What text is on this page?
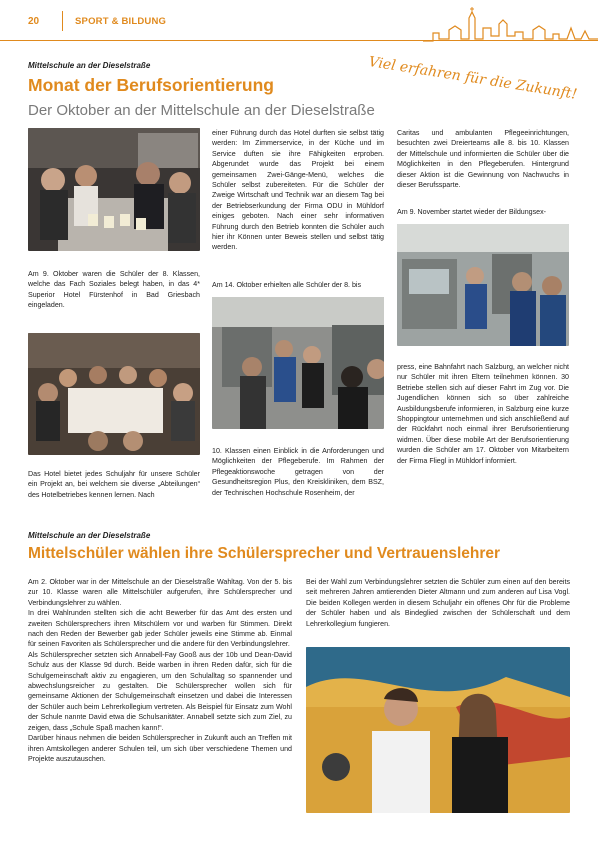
20	SPORT & BILDUNG
Mittelschule an der Dieselstraße
Monat der Berufsorientierung
Der Oktober an der Mittelschule an der Dieselstraße
Viel erfahren für die Zukunft!
Am 9. Oktober waren die Schüler der 8. Klassen, welche das Fach Soziales belegt haben, in das 4* Superior Hotel Fürstenhof in Bad Griesbach eingeladen.
Das Hotel bietet jedes Schuljahr für unsere Schüler ein Projekt an, bei welchem sie diverse „Abteilungen“ des Hotelbetriebes kennen lernen. Nach
einer Führung durch das Hotel durften sie selbst tätig werden: Im Zimmerservice, in der Küche und im Service duften sie ihre Fähigkeiten erproben. Abgerundet wurde das Projekt bei einem gemeinsamen Zwei-Gänge-Menü, welches die Schüler selbst zubereiteten. Für die Schüler der Zweige Wirtschaft und Technik war an diesem Tag bei der Betriebserkundung der Firma ODU in Mühldorf einiges geboten. Nach einer sehr informativen Führung durch den Betrieb konnten die Schüler auch hier ihr Können unter Beweis stellen und selbst tätig werden.
Am 14. Oktober erhielten alle Schüler der 8. bis
10. Klassen einen Einblick in die Anforderungen und Möglichkeiten der Pflegeberufe. Im Rahmen der Pflegeaktionswoche getragen von der Gesundheitsregion Plus, den Kreiskliniken, dem BSZ, der Technischen Hochschule Rosenheim, der
Caritas und ambulanten Pflegeeinrichtungen, besuchten zwei Dreierteams alle 8. bis 10. Klassen der Mittelschule und informierten die Schüler über die Möglichkeiten in den Pflegeberufen. Hintergrund dieser Aktion ist die Gewinnung von Nachwuchs in dieser Berufssparte.
Am 9. November startet wieder der Bildungsex-
press, eine Bahnfahrt nach Salzburg, an welcher nicht nur Schüler mit ihren Eltern teilnehmen können. 30 Betriebe stellen sich auf dieser Fahrt im Zug vor. Die Jugendlichen können sich so über zahlreiche Ausbildungsberufe informieren, in Salzburg eine kurze Shoppingtour unternehmen und sich anschließend auf der Rückfahrt noch einmal ihrer Berufsorientierung widmen. Über diese mobile Art der Berufsorientierung wurden die Schüler am 17. Oktober von Mitarbeitern der Firma Fliegl in Mühldorf informiert.
Mittelschule an der Dieselstraße
Mittelschüler wählen ihre Schülersprecher und Vertrauenslehrer

Am 2. Oktober war in der Mittelschule an der Dieselstraße Wahltag. Von der 5. bis zur 10. Klasse waren alle Mittelschüler aufgerufen, ihre Schülersprecher und Verbindungslehrer zu wählen.

In drei Wahlrunden stellten sich die acht Bewerber für das Amt des ersten und zweiten Schülersprechers ihren Mitschülern vor und warben für Stimmen. Direkt nach den Reden der Bewerber gab jeder Schüler jeweils eine Stimme ab. Einmal für seinen Favoriten als Schülersprecher und die andere für den Verbindungslehrer.

Als Schülersprecher setzten sich Annabell-Fay Gooß aus der 10b und Dean-David Schulz aus der Klasse 9d durch. Beide warben in ihren Reden dafür, sich für die Schulgemeinschaft aktiv zu engagieren, um den Schulalltag so spannender und abwechslungsreicher zu gestalten. Die Schülersprecher wollen sich für gemeinsame Aktionen der Schulgemeinschaft einsetzen und dabei die Interessen der Schüler auch beim Lehrerkollegium vertreten. Als Beispiel für Einsatz zum Wohl der Schule nannte David etwa die Schulsanitäter. Annabell setzte sich zum Ziel, zu zeigen, dass „Schule Spaß machen kann!“.

Darüber hinaus nehmen die beiden Schülersprecher in Zukunft auch an Treffen mit ihren Amtskollegen anderer Schulen teil, um sich über verschiedene Themen und Projekte auszutauschen.

Bei der Wahl zum Verbindungslehrer setzten die Schüler zum einen auf den bereits seit mehreren Jahren amtierenden Dieter Altmann und zum anderen auf Lisa Vogl. Die beiden Kollegen werden in diesem Schuljahr ein offenes Ohr für die Probleme der Schüler haben und als Bindeglied zwischen der Schülerschaft und dem Lehrerkollegium fungieren.
